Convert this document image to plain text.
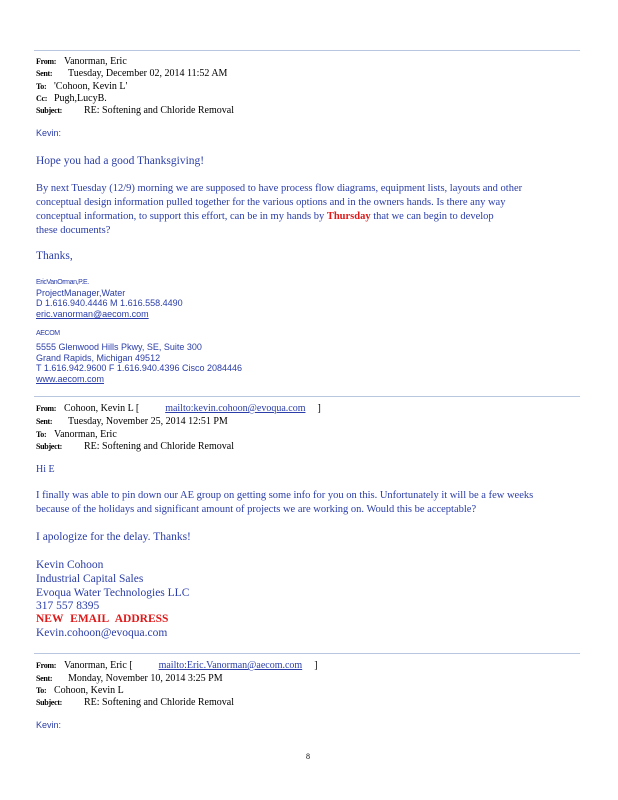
From: Vanorman, Eric
Sent: Tuesday, December 02, 2014 11:52 AM
To: 'Cohoon, Kevin L'
Cc: Pugh,LucyB.
Subject: RE: Softening and Chloride Removal
Kevin:
Hope you had a good Thanksgiving!
By next Tuesday (12/9) morning we are supposed to have process flow diagrams, equipment lists, layouts and other
conceptual design information pulled together for the various options and in the owners hands. Is there any way
conceptual information, to support this effort, can be in my hands by Thursday that we can begin to develop
these documents?
Thanks,
EricVanOrman,P.E.
ProjectManager,Water
D 1.616.940.4446 M 1.616.558.4490
eric.vanorman@aecom.com
AECOM
5555 Glenwood Hills Pkwy, SE, Suite 300
Grand Rapids, Michigan 49512
T 1.616.942.9600 F 1.616.940.4396 Cisco 2084446
www.aecom.com
From: Cohoon, Kevin L [	mailto:kevin.cohoon@evoqua.com ]
Sent: Tuesday, November 25, 2014 12:51 PM
To: Vanorman, Eric
Subject: RE: Softening and Chloride Removal
Hi E
I finally was able to pin down our AE group on getting some info for you on this. Unfortunately it will be a few weeks
because of the holidays and significant amount of projects we are working on. Would this be acceptable?
I apologize for the delay. Thanks!
Kevin Cohoon
Industrial Capital Sales
Evoqua Water Technologies LLC
317 557 8395
NEW EMAIL ADDRESS
Kevin.cohoon@evoqua.com
From: Vanorman, Eric [	mailto:Eric.Vanorman@aecom.com ]
Sent: Monday, November 10, 2014 3:25 PM
To: Cohoon, Kevin L
Subject: RE: Softening and Chloride Removal
Kevin:
8
